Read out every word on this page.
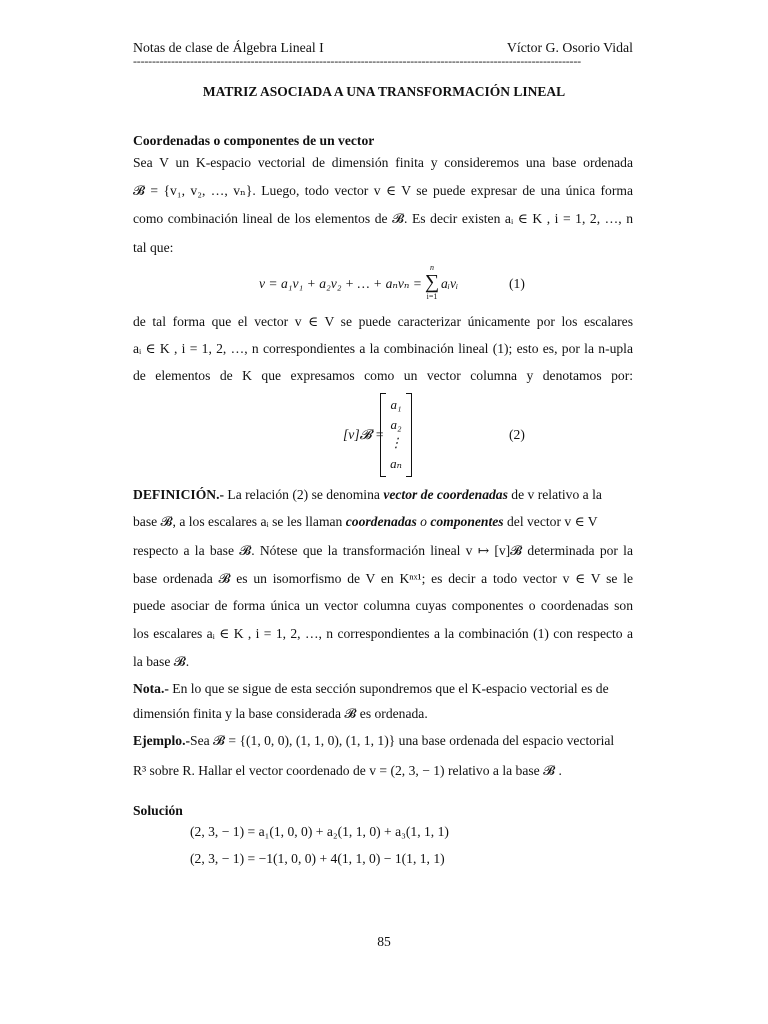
Notas de clase de Álgebra Lineal I	Víctor G. Osorio Vidal
----------------------------------------------------------------------------------------------------------------------
MATRIZ ASOCIADA A UNA TRANSFORMACIÓN LINEAL
Coordenadas o componentes de un vector
Sea V un K-espacio vectorial de dimensión finita y consideremos una base ordenada
𝓑 = {v₁, v₂, …, vₙ}. Luego, todo vector v ∈ V se puede expresar de una única forma
como combinación lineal de los elementos de 𝓑. Es decir existen aᵢ ∈ K , i = 1, 2, …, n
tal que:
v = a₁v₁ + a₂v₂ + … + aₙvₙ =
n
∑
i=1
aᵢvᵢ	(1)
de tal forma que el vector v ∈ V se puede caracterizar únicamente por los escalares
aᵢ ∈ K , i = 1, 2, …, n correspondientes a la combinación lineal (1); esto es, por la n-upla
de elementos de K que expresamos como un vector columna y denotamos por:
[v]𝓑 =
a₁
a₂
⋮
aₙ
(2)
DEFINICIÓN.- La relación (2) se denomina vector de coordenadas de v relativo a la
base 𝓑, a los escalares aᵢ se les llaman coordenadas o componentes del vector v ∈ V
respecto a la base 𝓑. Nótese que la transformación lineal v ↦ [v]𝓑 determinada por la
base ordenada 𝓑 es un isomorfismo de V en Kⁿˣ¹; es decir a todo vector v ∈ V se le
puede asociar de forma única un vector columna cuyas componentes o coordenadas son
los escalares aᵢ ∈ K , i = 1, 2, …, n correspondientes a la combinación (1) con respecto a
la base 𝓑.
Nota.- En lo que se sigue de esta sección supondremos que el K-espacio vectorial es de
dimensión finita y la base considerada 𝓑 es ordenada.
Ejemplo.-Sea 𝓑 = {(1, 0, 0), (1, 1, 0), (1, 1, 1)} una base ordenada del espacio vectorial
R³ sobre R. Hallar el vector coordenado de v = (2, 3, − 1) relativo a la base 𝓑 .
Solución
(2, 3, − 1) = a₁(1, 0, 0) + a₂(1, 1, 0) + a₃(1, 1, 1)
(2, 3, − 1) = −1(1, 0, 0) + 4(1, 1, 0) − 1(1, 1, 1)
85
